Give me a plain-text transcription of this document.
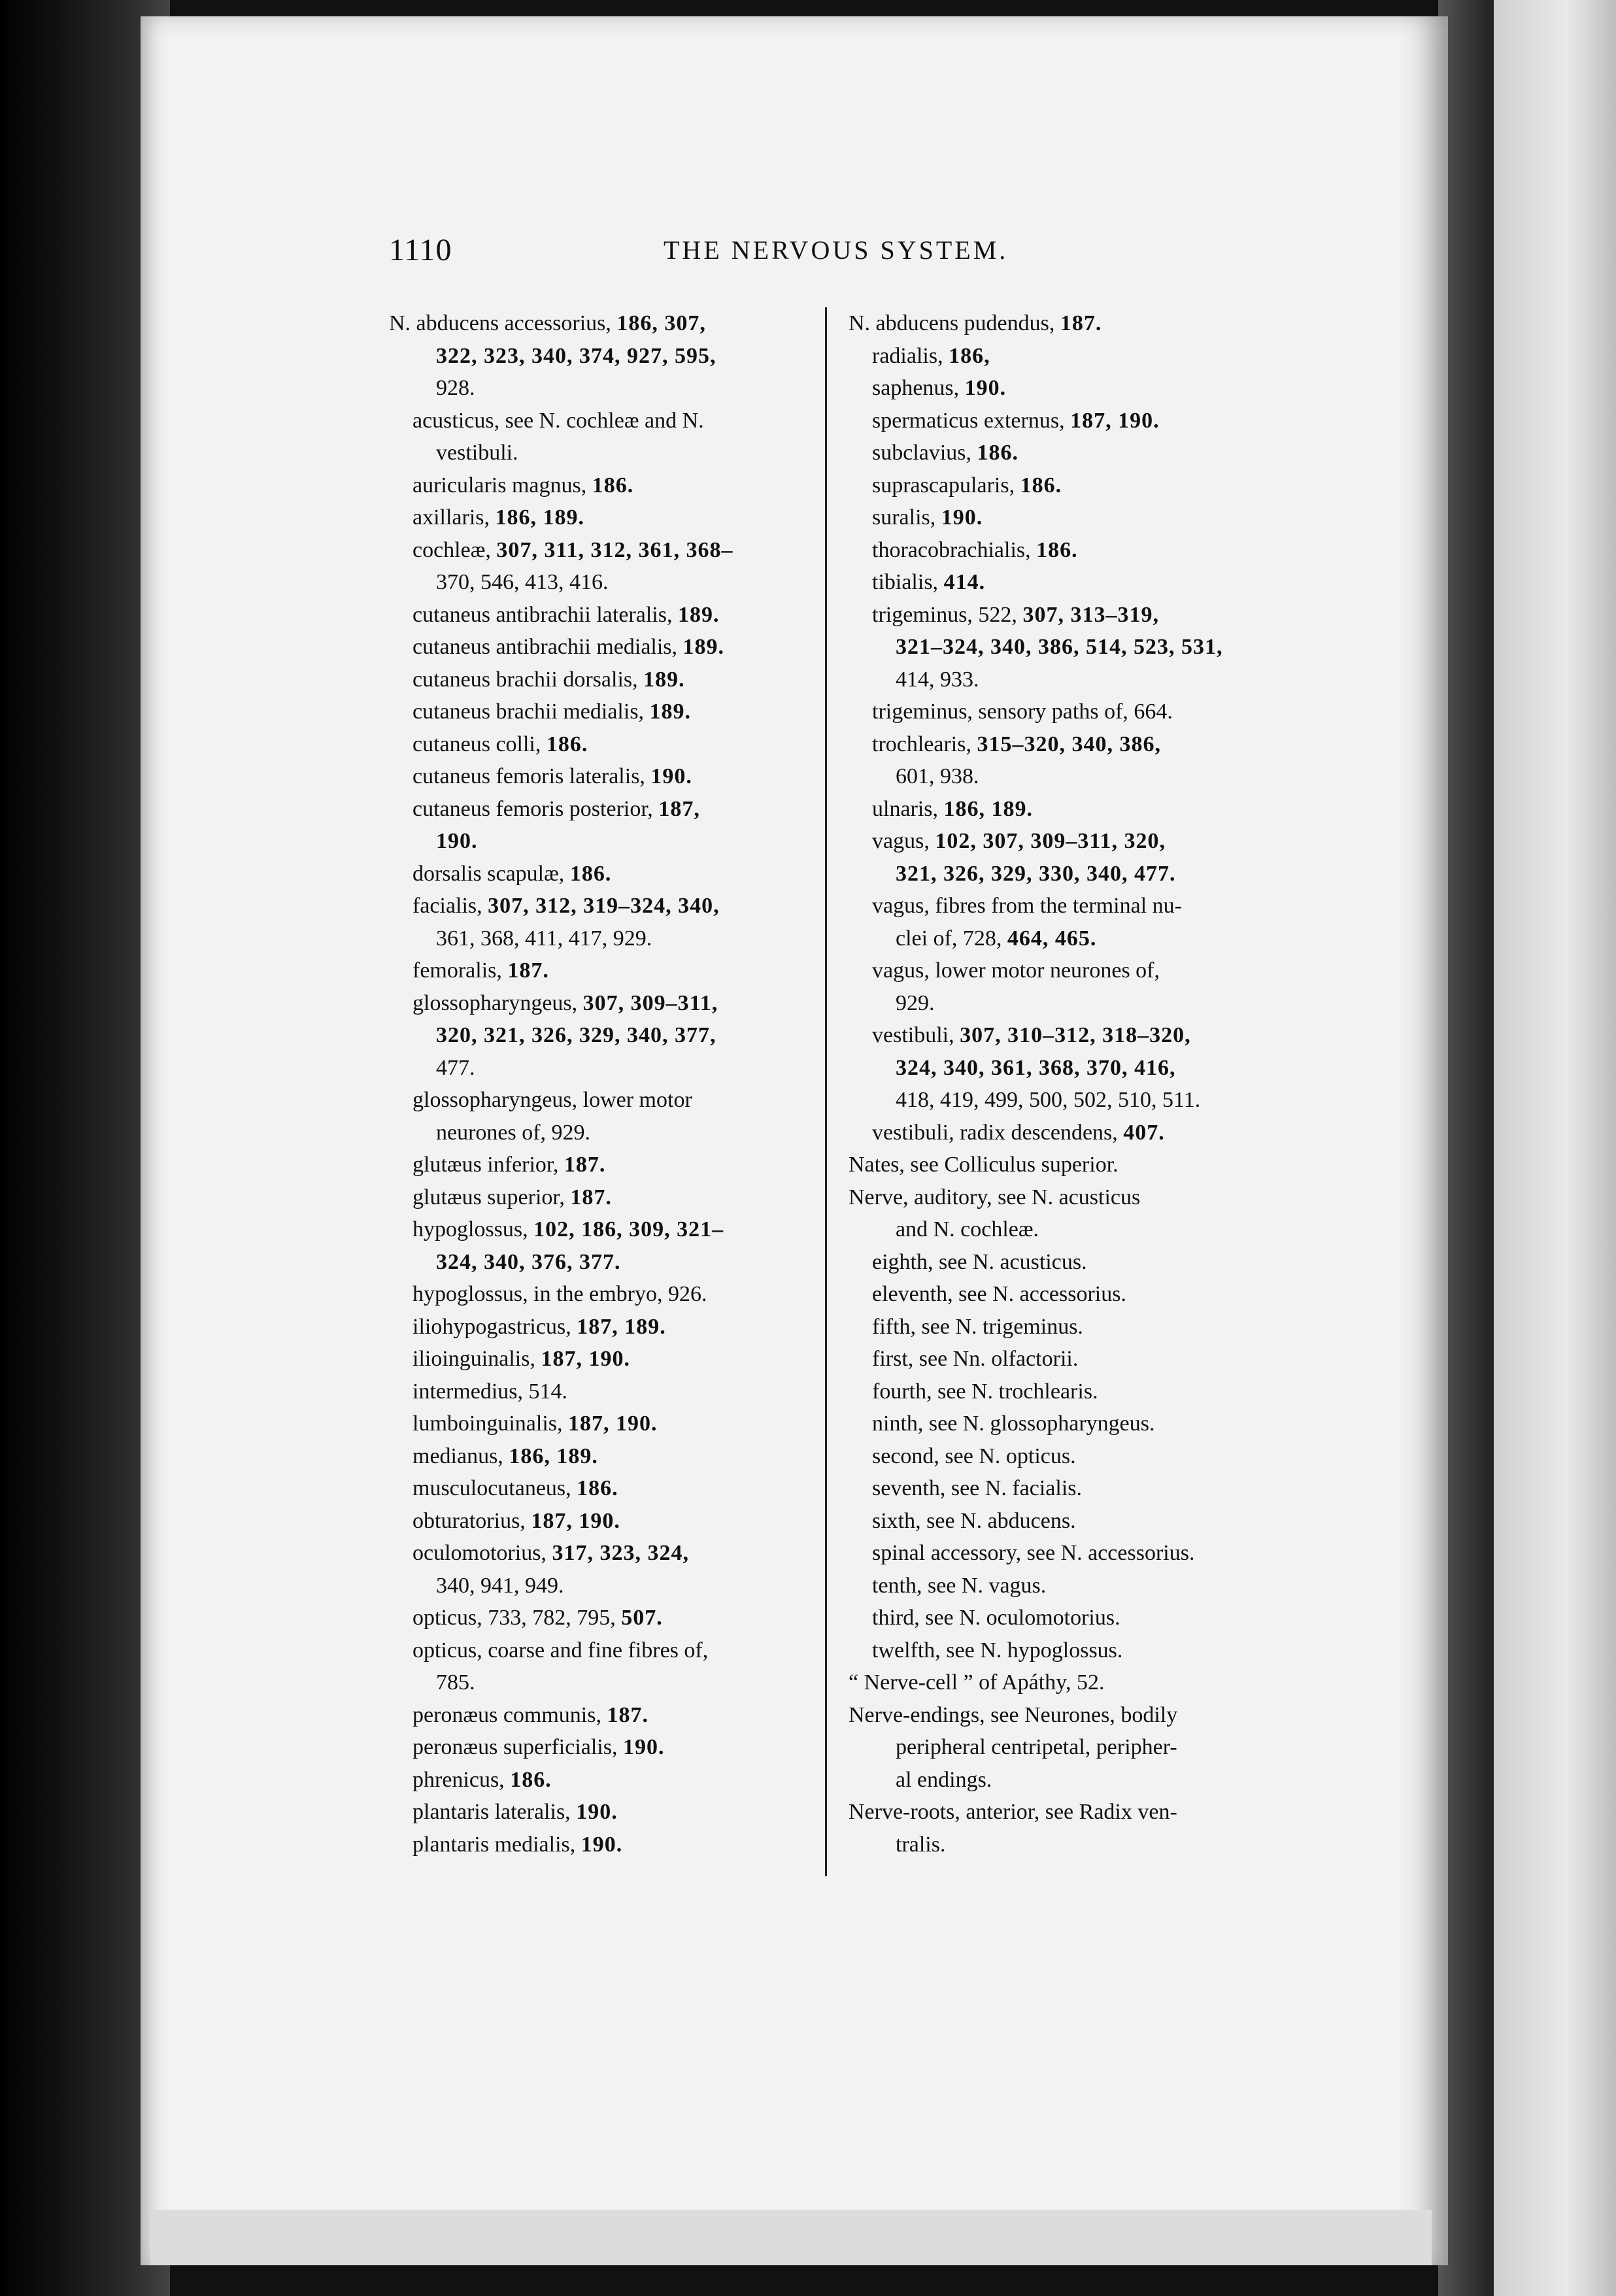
1110	THE NERVOUS SYSTEM.
N. abducens accessorius, 186, 307,
322, 323, 340, 374, 927, 595,
928.
acusticus, see N. cochleæ and N.
vestibuli.
auricularis magnus, 186.
axillaris, 186, 189.
cochleæ, 307, 311, 312, 361, 368–
370, 546, 413, 416.
cutaneus antibrachii lateralis, 189.
cutaneus antibrachii medialis, 189.
cutaneus brachii dorsalis, 189.
cutaneus brachii medialis, 189.
cutaneus colli, 186.
cutaneus femoris lateralis, 190.
cutaneus femoris posterior, 187,
190.
dorsalis scapulæ, 186.
facialis, 307, 312, 319–324, 340,
361, 368, 411, 417, 929.
femoralis, 187.
glossopharyngeus, 307, 309–311,
320, 321, 326, 329, 340, 377,
477.
glossopharyngeus, lower motor
neurones of, 929.
glutæus inferior, 187.
glutæus superior, 187.
hypoglossus, 102, 186, 309, 321–
324, 340, 376, 377.
hypoglossus, in the embryo, 926.
iliohypogastricus, 187, 189.
ilioinguinalis, 187, 190.
intermedius, 514.
lumboinguinalis, 187, 190.
medianus, 186, 189.
musculocutaneus, 186.
obturatorius, 187, 190.
oculomotorius, 317, 323, 324,
340, 941, 949.
opticus, 733, 782, 795, 507.
opticus, coarse and fine fibres of,
785.
peronæus communis, 187.
peronæus superficialis, 190.
phrenicus, 186.
plantaris lateralis, 190.
plantaris medialis, 190.
N. abducens pudendus, 187.
radialis, 186,
saphenus, 190.
spermaticus externus, 187, 190.
subclavius, 186.
suprascapularis, 186.
suralis, 190.
thoracobrachialis, 186.
tibialis, 414.
trigeminus, 522, 307, 313–319,
321–324, 340, 386, 514, 523, 531,
414, 933.
trigeminus, sensory paths of, 664.
trochlearis, 315–320, 340, 386,
601, 938.
ulnaris, 186, 189.
vagus, 102, 307, 309–311, 320,
321, 326, 329, 330, 340, 477.
vagus, fibres from the terminal nu-
clei of, 728, 464, 465.
vagus, lower motor neurones of,
929.
vestibuli, 307, 310–312, 318–320,
324, 340, 361, 368, 370, 416,
418, 419, 499, 500, 502, 510, 511.
vestibuli, radix descendens, 407.
Nates, see Colliculus superior.
Nerve, auditory, see N. acusticus
and N. cochleæ.
eighth, see N. acusticus.
eleventh, see N. accessorius.
fifth, see N. trigeminus.
first, see Nn. olfactorii.
fourth, see N. trochlearis.
ninth, see N. glossopharyngeus.
second, see N. opticus.
seventh, see N. facialis.
sixth, see N. abducens.
spinal accessory, see N. accessorius.
tenth, see N. vagus.
third, see N. oculomotorius.
twelfth, see N. hypoglossus.
“ Nerve-cell ” of Apáthy, 52.
Nerve-endings, see Neurones, bodily
peripheral centripetal, peripher-
al endings.
Nerve-roots, anterior, see Radix ven-
tralis.
